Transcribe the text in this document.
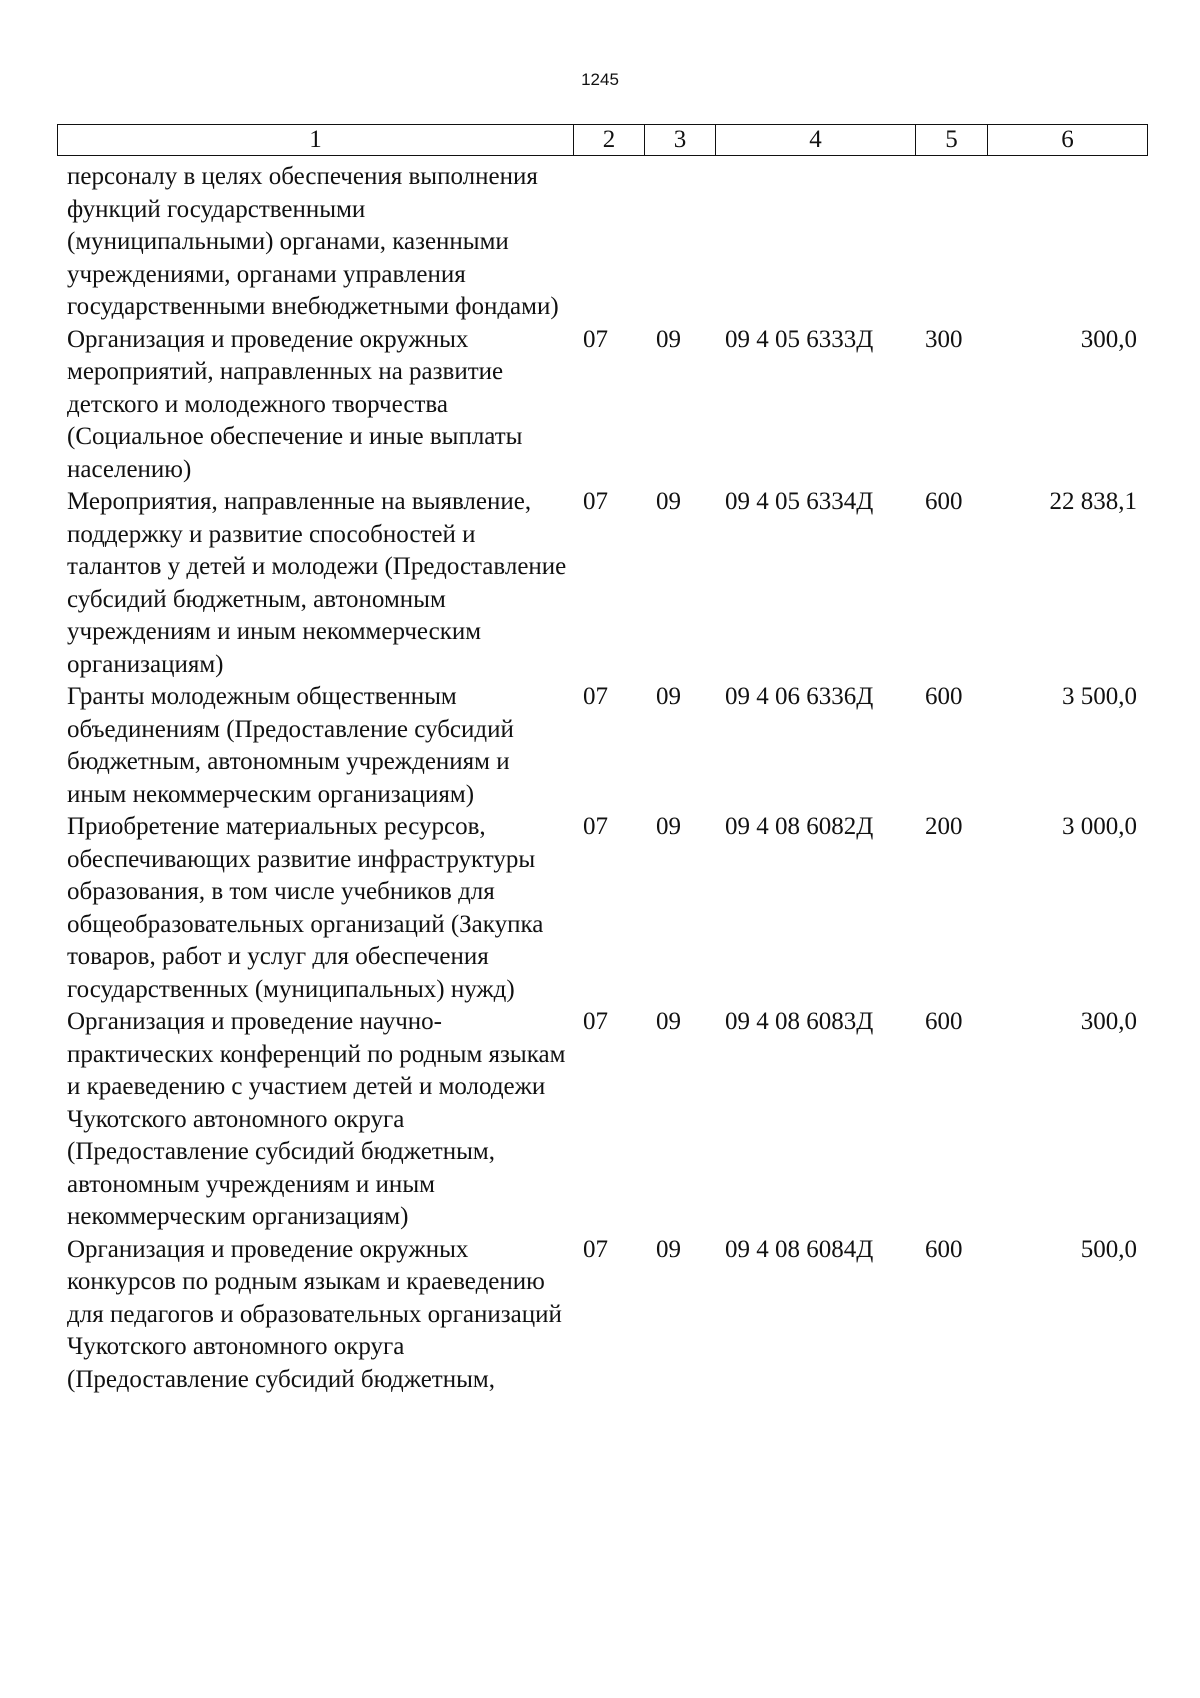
1245
1	2	3	4	5	6
персоналу в целях обеспечения выполнения функций государственными (муниципальными) органами, казенными учреждениями, органами управления государственными внебюджетными фондами)					
Организация и проведение окружных мероприятий, направленных на развитие детского и молодежного творчества (Социальное обеспечение и иные выплаты населению)	07	09	09 4 05 6333Д	300	300,0
Мероприятия, направленные на выявление, поддержку и развитие способностей и талантов у детей и молодежи (Предоставление субсидий бюджетным, автономным учреждениям и иным некоммерческим организациям)	07	09	09 4 05 6334Д	600	22 838,1
Гранты молодежным общественным объединениям (Предоставление субсидий бюджетным, автономным учреждениям и иным некоммерческим организациям)	07	09	09 4 06 6336Д	600	3 500,0
Приобретение материальных ресурсов, обеспечивающих развитие инфраструктуры образования, в том числе учебников для общеобразовательных организаций (Закупка товаров, работ и услуг для обеспечения государственных (муниципальных) нужд)	07	09	09 4 08 6082Д	200	3 000,0
Организация и проведение научно-практических конференций по родным языкам и краеведению с участием детей и молодежи Чукотского автономного округа (Предоставление субсидий бюджетным, автономным учреждениям и иным некоммерческим организациям)	07	09	09 4 08 6083Д	600	300,0
Организация и проведение окружных конкурсов по родным языкам и краеведению для педагогов и образовательных организаций Чукотского автономного округа (Предоставление субсидий бюджетным,	07	09	09 4 08 6084Д	600	500,0
